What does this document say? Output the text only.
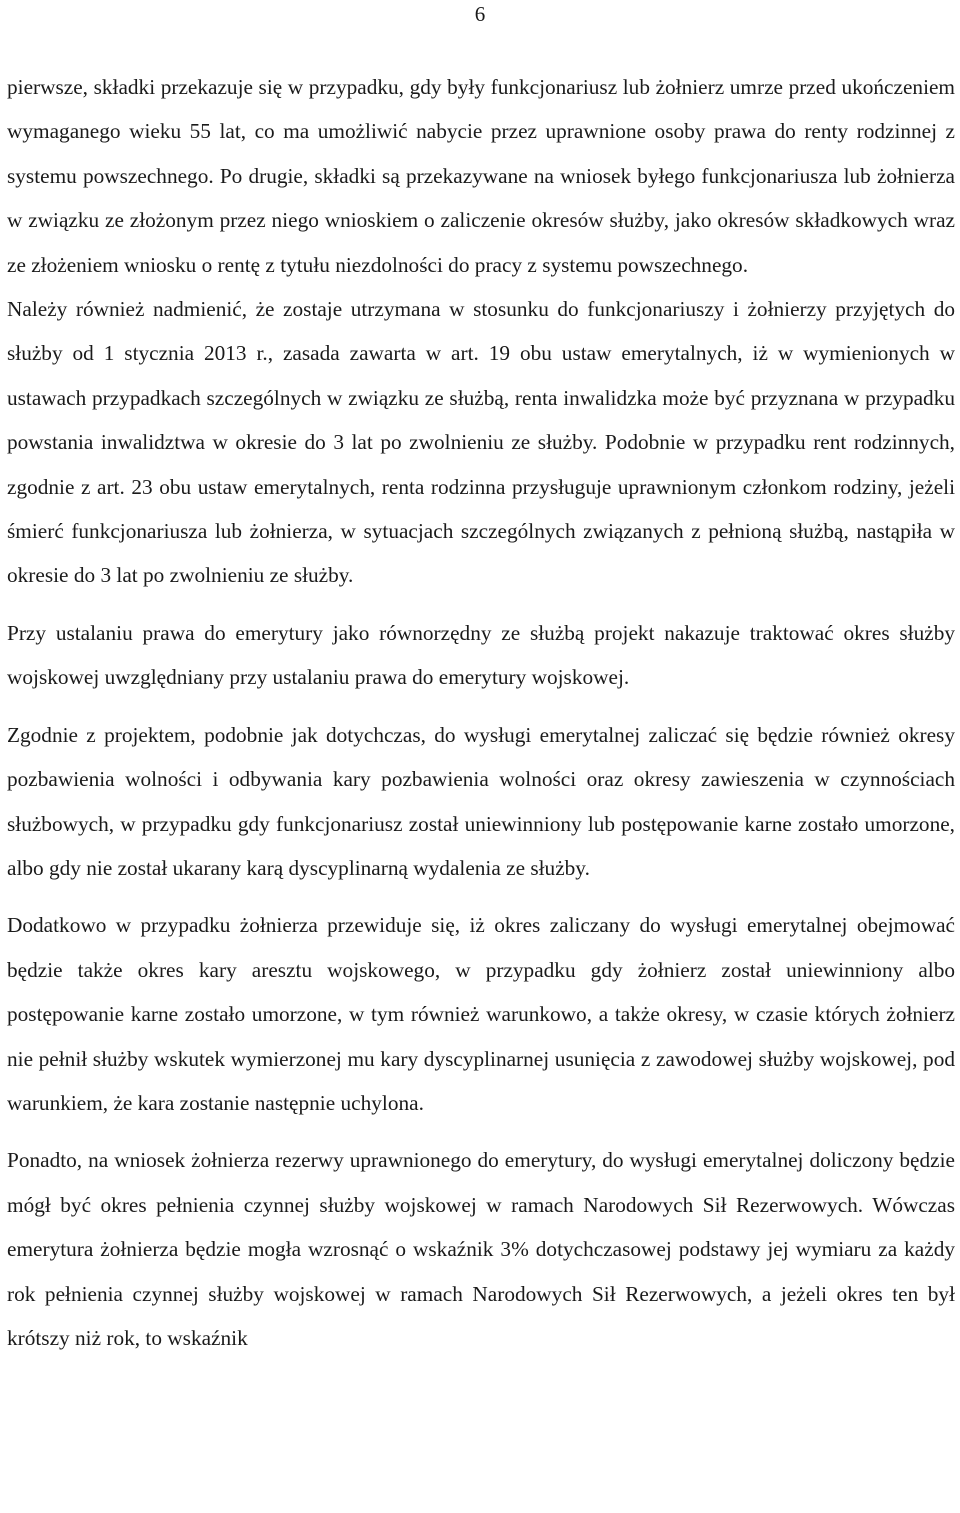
6

pierwsze, składki przekazuje się w przypadku, gdy były funkcjonariusz lub żołnierz umrze przed ukończeniem wymaganego wieku 55 lat, co ma umożliwić nabycie przez uprawnione osoby prawa do renty rodzinnej z systemu powszechnego. Po drugie, składki są przekazywane na wniosek byłego funkcjonariusza lub żołnierza w związku ze złożonym przez niego wnioskiem o zaliczenie okresów służby, jako okresów składkowych wraz ze złożeniem wniosku o rentę z tytułu niezdolności do pracy z systemu powszechnego.

Należy również nadmienić, że zostaje utrzymana w stosunku do funkcjonariuszy i żołnierzy przyjętych do służby od 1 stycznia 2013 r., zasada zawarta w art. 19 obu ustaw emerytalnych, iż w wymienionych w ustawach przypadkach szczególnych w związku ze służbą, renta inwalidzka może być przyznana w przypadku powstania inwalidztwa w okresie do 3 lat po zwolnieniu ze służby. Podobnie w przypadku rent rodzinnych, zgodnie z art. 23 obu ustaw emerytalnych, renta rodzinna przysługuje uprawnionym członkom rodziny, jeżeli śmierć funkcjonariusza lub żołnierza, w sytuacjach szczególnych związanych z pełnioną służbą, nastąpiła w okresie do 3 lat po zwolnieniu ze służby.

Przy ustalaniu prawa do emerytury jako równorzędny ze służbą projekt nakazuje traktować okres służby wojskowej uwzględniany przy ustalaniu prawa do emerytury wojskowej.

Zgodnie z projektem, podobnie jak dotychczas, do wysługi emerytalnej zaliczać się będzie również okresy pozbawienia wolności i odbywania kary pozbawienia wolności oraz okresy zawieszenia w czynnościach służbowych, w przypadku gdy funkcjonariusz został uniewinniony lub postępowanie karne zostało umorzone, albo gdy nie został ukarany karą dyscyplinarną wydalenia ze służby.

Dodatkowo w przypadku żołnierza przewiduje się, iż okres zaliczany do wysługi emerytalnej obejmować będzie także okres kary aresztu wojskowego, w przypadku gdy żołnierz został uniewinniony albo postępowanie karne zostało umorzone, w tym również warunkowo, a także okresy, w czasie których żołnierz nie pełnił służby wskutek wymierzonej mu kary dyscyplinarnej usunięcia z zawodowej służby wojskowej, pod warunkiem, że kara zostanie następnie uchylona.

Ponadto, na wniosek żołnierza rezerwy uprawnionego do emerytury, do wysługi emerytalnej doliczony będzie mógł być okres pełnienia czynnej służby wojskowej w ramach Narodowych Sił Rezerwowych. Wówczas emerytura żołnierza będzie mogła wzrosnąć o wskaźnik 3% dotychczasowej podstawy jej wymiaru za każdy rok pełnienia czynnej służby wojskowej w ramach Narodowych Sił Rezerwowych, a jeżeli okres ten był krótszy niż rok, to wskaźnik
